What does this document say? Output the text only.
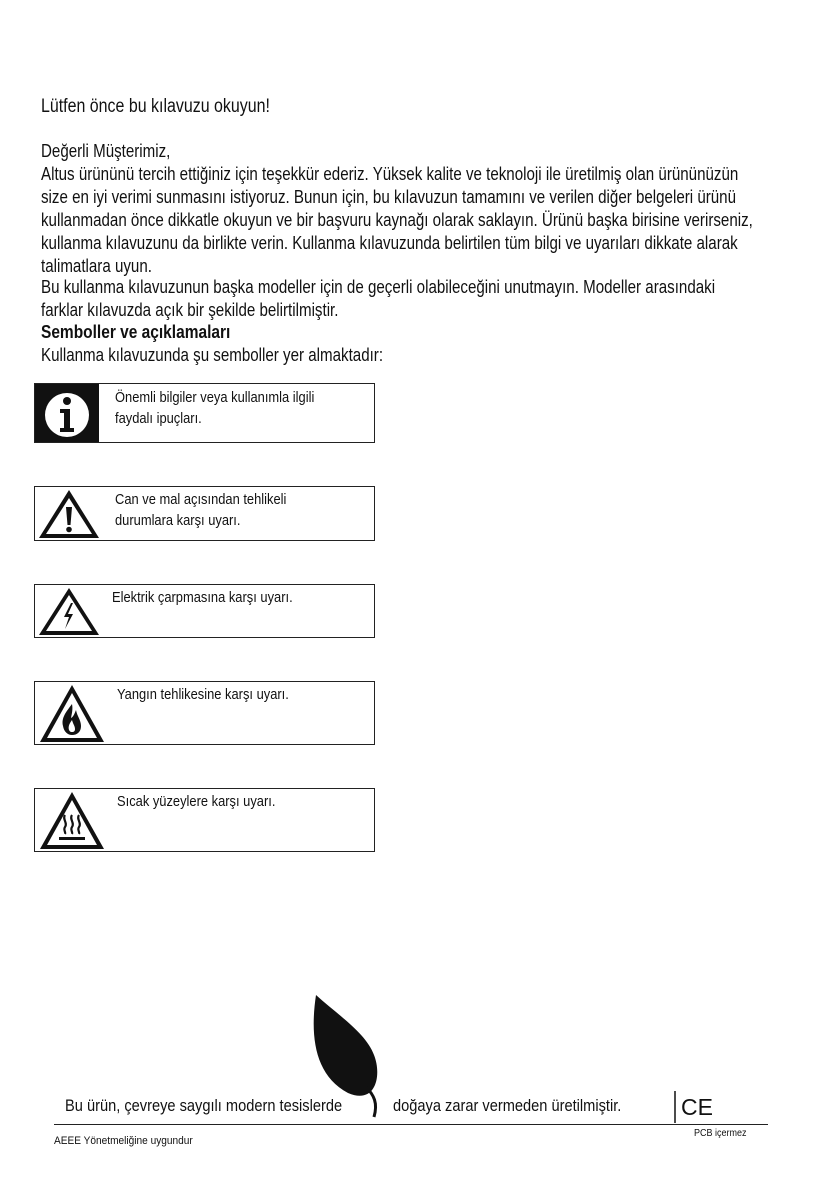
Lütfen önce bu kılavuzu okuyun!
Değerli Müşterimiz,
Altus ürününü tercih ettiğiniz için teşekkür ederiz. Yüksek kalite ve teknoloji ile üretilmiş olan ürününüzün
size en iyi verimi sunmasını istiyoruz. Bunun için, bu kılavuzun tamamını ve verilen diğer belgeleri ürünü
kullanmadan önce dikkatle okuyun ve bir başvuru kaynağı olarak saklayın. Ürünü başka birisine verirseniz,
kullanma kılavuzunu da birlikte verin. Kullanma kılavuzunda belirtilen tüm bilgi ve uyarıları dikkate alarak
talimatlara uyun.
Bu kullanma kılavuzunun başka modeller için de geçerli olabileceğini unutmayın. Modeller arasındaki
farklar kılavuzda açık bir şekilde belirtilmiştir.
Semboller ve açıklamaları
Kullanma kılavuzunda şu semboller yer almaktadır:
Önemli bilgiler veya kullanımla ilgili
faydalı ipuçları.
Can ve mal açısından tehlikeli
durumlara karşı uyarı.
Elektrik çarpmasına karşı uyarı.
Yangın tehlikesine karşı uyarı.
Sıcak yüzeylere karşı uyarı.
Bu ürün, çevreye saygılı modern tesislerde	doğaya zarar vermeden üretilmiştir.	CE
AEEE Yönetmeliğine uygundur
PCB içermez
